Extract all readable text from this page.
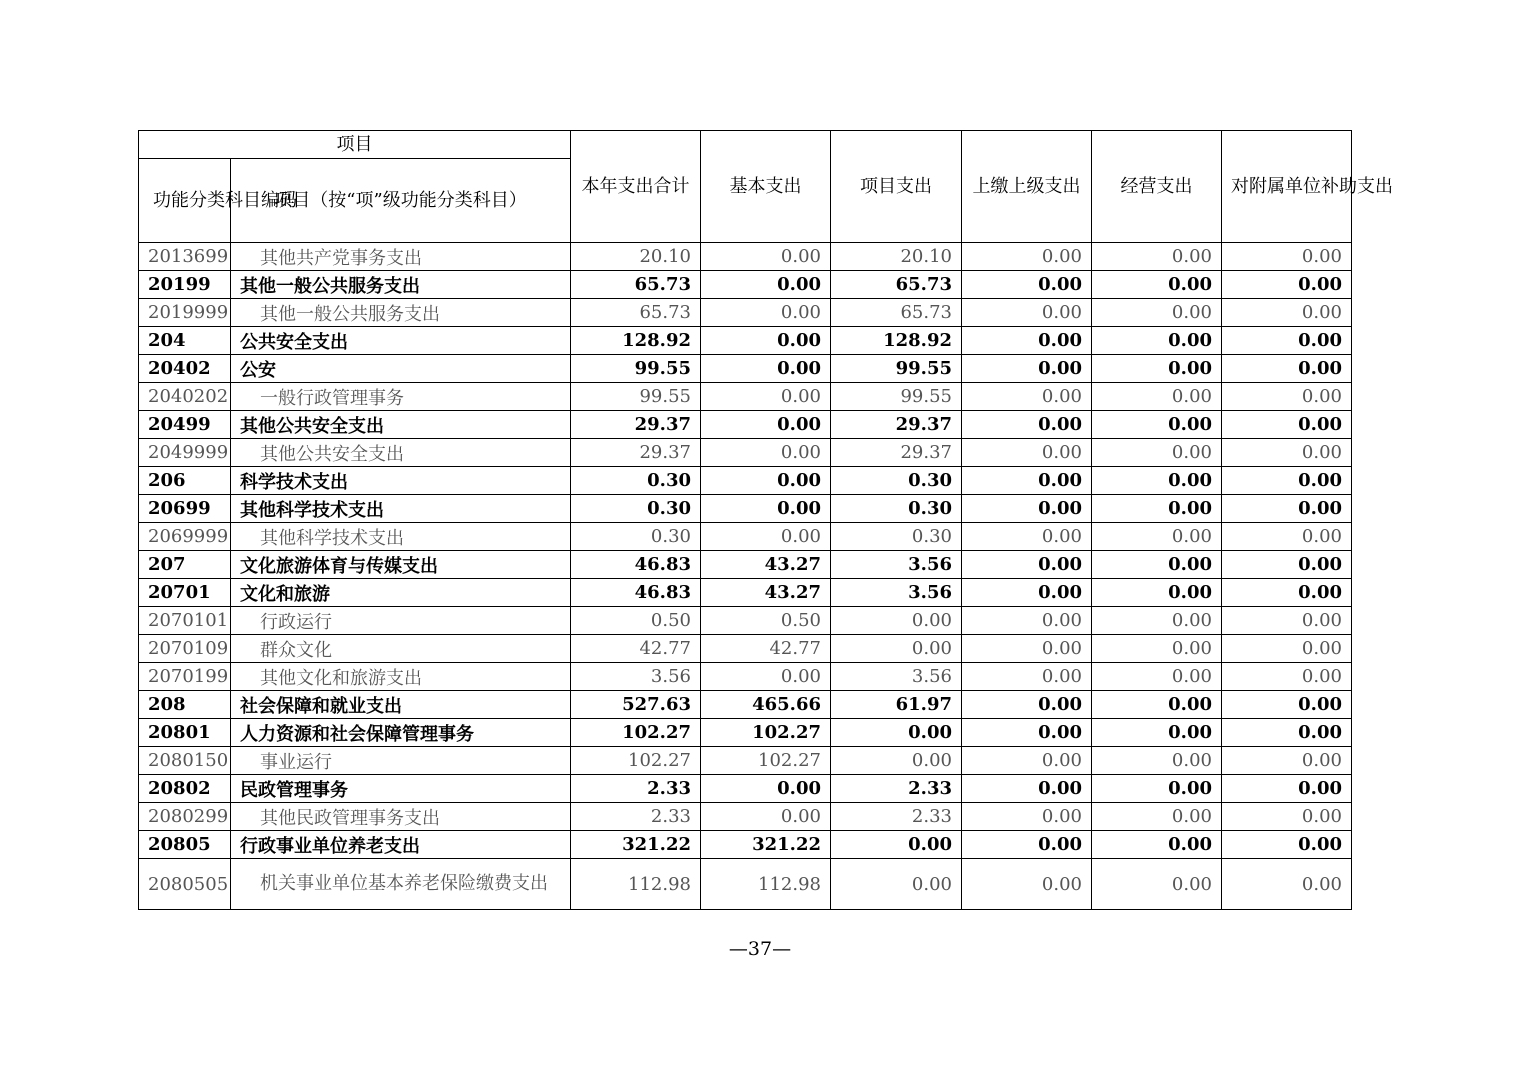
项目		本年支出合计	基本支出	项目支出	上缴上级支出	经营支出	对附属单位补助支出
功能分类科目编码	项目（按“项”级功能分类科目）						
2013699	其他共产党事务支出	20.10	0.00	20.10	0.00	0.00	0.00
20199	其他一般公共服务支出	65.73	0.00	65.73	0.00	0.00	0.00
2019999	其他一般公共服务支出	65.73	0.00	65.73	0.00	0.00	0.00
204	公共安全支出	128.92	0.00	128.92	0.00	0.00	0.00
20402	公安	99.55	0.00	99.55	0.00	0.00	0.00
2040202	一般行政管理事务	99.55	0.00	99.55	0.00	0.00	0.00
20499	其他公共安全支出	29.37	0.00	29.37	0.00	0.00	0.00
2049999	其他公共安全支出	29.37	0.00	29.37	0.00	0.00	0.00
206	科学技术支出	0.30	0.00	0.30	0.00	0.00	0.00
20699	其他科学技术支出	0.30	0.00	0.30	0.00	0.00	0.00
2069999	其他科学技术支出	0.30	0.00	0.30	0.00	0.00	0.00
207	文化旅游体育与传媒支出	46.83	43.27	3.56	0.00	0.00	0.00
20701	文化和旅游	46.83	43.27	3.56	0.00	0.00	0.00
2070101	行政运行	0.50	0.50	0.00	0.00	0.00	0.00
2070109	群众文化	42.77	42.77	0.00	0.00	0.00	0.00
2070199	其他文化和旅游支出	3.56	0.00	3.56	0.00	0.00	0.00
208	社会保障和就业支出	527.63	465.66	61.97	0.00	0.00	0.00
20801	人力资源和社会保障管理事务	102.27	102.27	0.00	0.00	0.00	0.00
2080150	事业运行	102.27	102.27	0.00	0.00	0.00	0.00
20802	民政管理事务	2.33	0.00	2.33	0.00	0.00	0.00
2080299	其他民政管理事务支出	2.33	0.00	2.33	0.00	0.00	0.00
20805	行政事业单位养老支出	321.22	321.22	0.00	0.00	0.00	0.00
2080505	机关事业单位基本养老保险缴费支出	112.98	112.98	0.00	0.00	0.00	0.00
—37—
